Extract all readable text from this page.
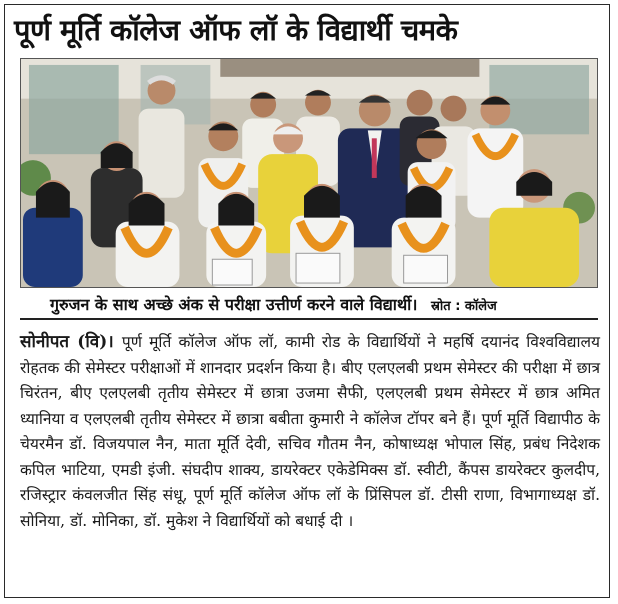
पूर्ण मूर्ति कॉलेज ऑफ लॉ के विद्यार्थी चमके
गुरुजन के साथ अच्छे अंक से परीक्षा उत्तीर्ण करने वाले विद्यार्थी। स्रोत : कॉलेज
सोनीपत (वि)। पूर्ण मूर्ति कॉलेज ऑफ लॉ, कामी रोड के विद्यार्थियों ने महर्षि दयानंद विश्वविद्यालय रोहतक की सेमेस्टर परीक्षाओं में शानदार प्रदर्शन किया है। बीए एलएलबी प्रथम सेमेस्टर की परीक्षा में छात्र चिरंतन, बीए एलएलबी तृतीय सेमेस्टर में छात्रा उजमा सैफी, एलएलबी प्रथम सेमेस्टर में छात्र अमित ध्यानिया व एलएलबी तृतीय सेमेस्टर में छात्रा बबीता कुमारी ने कॉलेज टॉपर बने हैं। पूर्ण मूर्ति विद्यापीठ के चेयरमैन डॉ. विजयपाल नैन, माता मूर्ति देवी, सचिव गौतम नैन, कोषाध्यक्ष भोपाल सिंह, प्रबंध निदेशक कपिल भाटिया, एमडी इंजी. संघदीप शाक्य, डायरेक्टर एकेडेमिक्स डॉ. स्वीटी, कैंपस डायरेक्टर कुलदीप, रजिस्ट्रार कंवलजीत सिंह संधू, पूर्ण मूर्ति कॉलेज ऑफ लॉ के प्रिंसिपल डॉ. टीसी राणा, विभागाध्यक्ष डॉ. सोनिया, डॉ. मोनिका, डॉ. मुकेश ने विद्यार्थियों को बधाई दी ।
